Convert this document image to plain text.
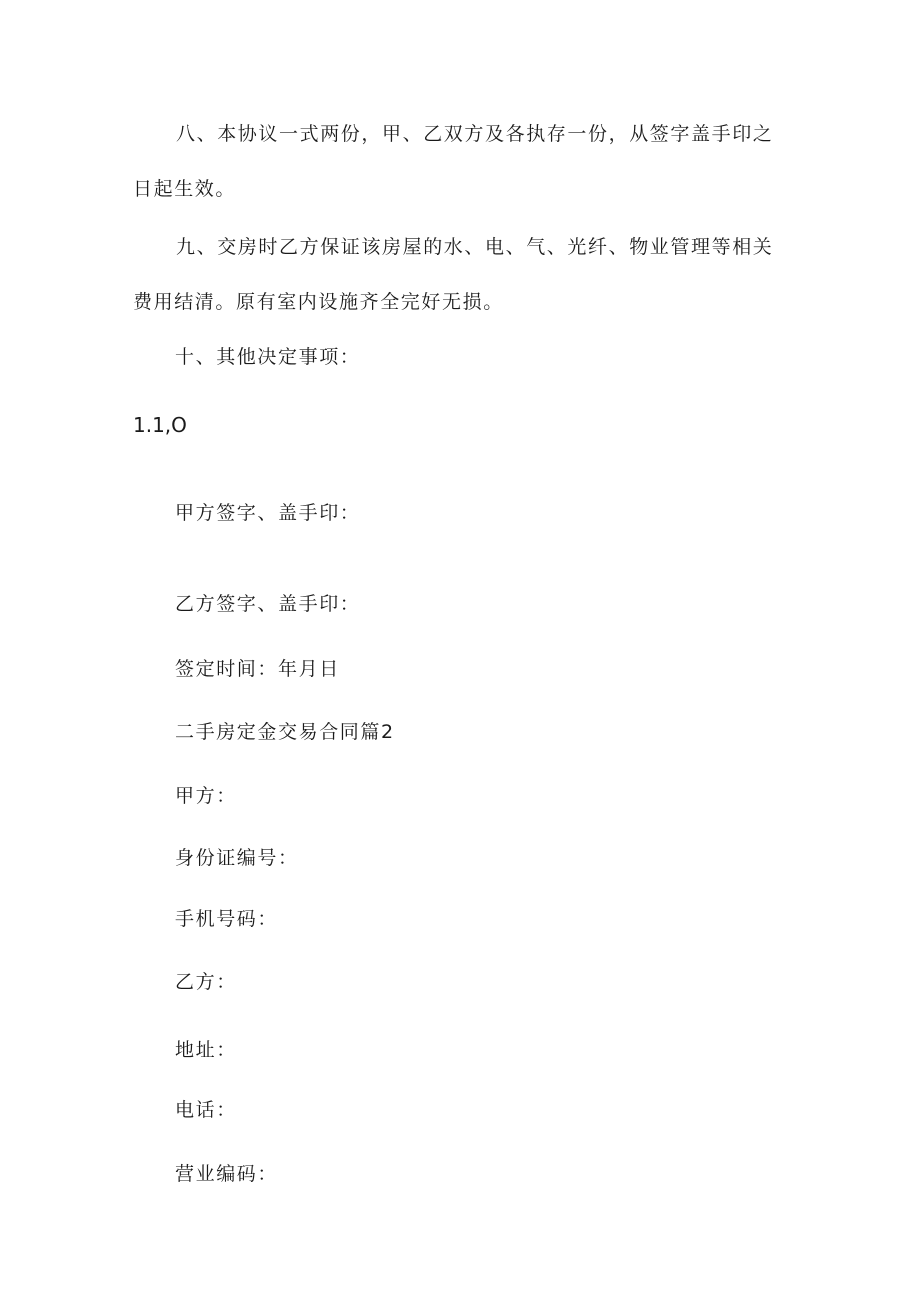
八、本协议一式两份，甲、乙双方及各执存一份，从签字盖手印之日起生效。

九、交房时乙方保证该房屋的水、电、气、光纤、物业管理等相关费用结清。原有室内设施齐全完好无损。

十、其他决定事项：

1.1,O

甲方签字、盖手印：

乙方签字、盖手印：

签定时间：年月日

二手房定金交易合同篇2

甲方：

身份证编号：

手机号码：

乙方：

地址：

电话：

营业编码：
